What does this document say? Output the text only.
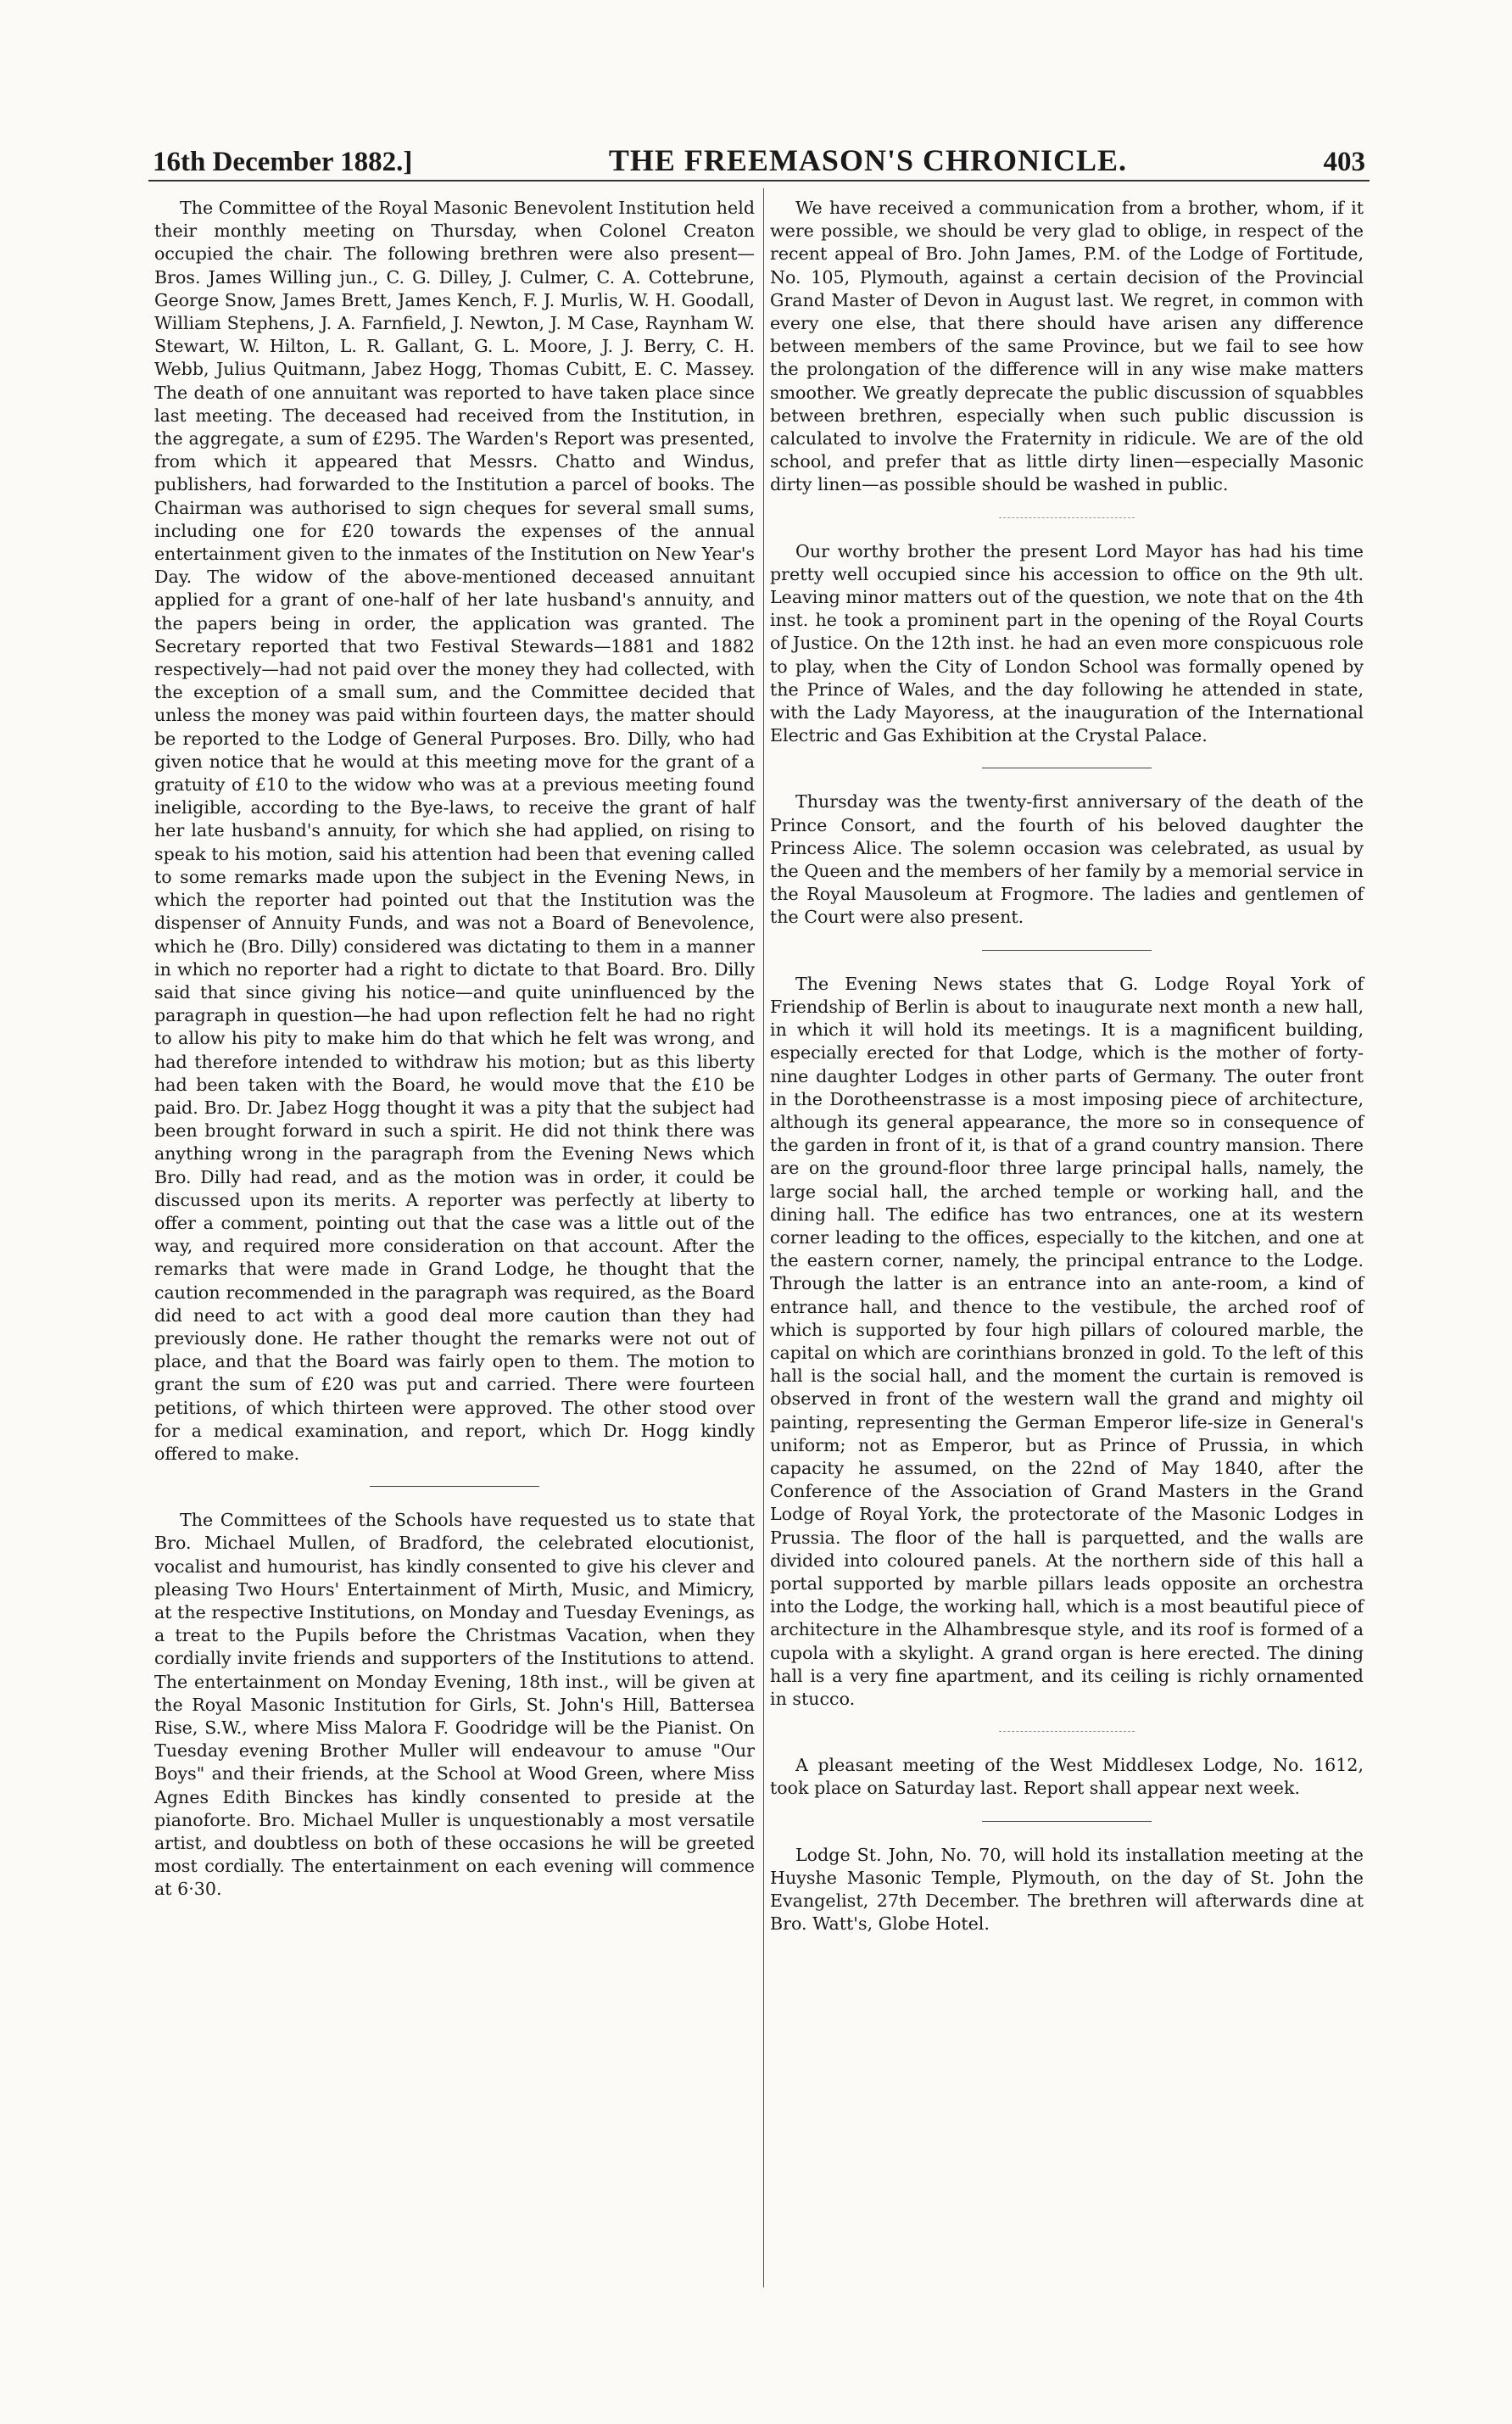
16th December 1882.]	THE FREEMASON'S CHRONICLE.	403

The Committee of the Royal Masonic Benevolent Institution held their monthly meeting on Thursday, when Colonel Creaton occupied the chair. The following brethren were also present—Bros. James Willing jun., C. G. Dilley, J. Culmer, C. A. Cottebrune, George Snow, James Brett, James Kench, F. J. Murlis, W. H. Goodall, William Stephens, J. A. Farnfield, J. Newton, J. M Case, Raynham W. Stewart, W. Hilton, L. R. Gallant, G. L. Moore, J. J. Berry, C. H. Webb, Julius Quitmann, Jabez Hogg, Thomas Cubitt, E. C. Massey. The death of one annuitant was reported to have taken place since last meeting. The deceased had received from the Institution, in the aggregate, a sum of £295. The Warden's Report was presented, from which it appeared that Messrs. Chatto and Windus, publishers, had forwarded to the Institution a parcel of books. The Chairman was authorised to sign cheques for several small sums, including one for £20 towards the expenses of the annual entertainment given to the inmates of the Institution on New Year's Day. The widow of the above-mentioned deceased annuitant applied for a grant of one-half of her late husband's annuity, and the papers being in order, the application was granted. The Secretary reported that two Festival Stewards—1881 and 1882 respectively—had not paid over the money they had collected, with the exception of a small sum, and the Committee decided that unless the money was paid within fourteen days, the matter should be reported to the Lodge of General Purposes. Bro. Dilly, who had given notice that he would at this meeting move for the grant of a gratuity of £10 to the widow who was at a previous meeting found ineligible, according to the Bye-laws, to receive the grant of half her late husband's annuity, for which she had applied, on rising to speak to his motion, said his attention had been that evening called to some remarks made upon the subject in the Evening News, in which the reporter had pointed out that the Institution was the dispenser of Annuity Funds, and was not a Board of Benevolence, which he (Bro. Dilly) considered was dictating to them in a manner in which no reporter had a right to dictate to that Board. Bro. Dilly said that since giving his notice—and quite uninfluenced by the paragraph in question—he had upon reflection felt he had no right to allow his pity to make him do that which he felt was wrong, and had therefore intended to withdraw his motion; but as this liberty had been taken with the Board, he would move that the £10 be paid. Bro. Dr. Jabez Hogg thought it was a pity that the subject had been brought forward in such a spirit. He did not think there was anything wrong in the paragraph from the Evening News which Bro. Dilly had read, and as the motion was in order, it could be discussed upon its merits. A reporter was perfectly at liberty to offer a comment, pointing out that the case was a little out of the way, and required more consideration on that account. After the remarks that were made in Grand Lodge, he thought that the caution recommended in the paragraph was required, as the Board did need to act with a good deal more caution than they had previously done. He rather thought the remarks were not out of place, and that the Board was fairly open to them. The motion to grant the sum of £20 was put and carried. There were fourteen petitions, of which thirteen were approved. The other stood over for a medical examination, and report, which Dr. Hogg kindly offered to make.

The Committees of the Schools have requested us to state that Bro. Michael Mullen, of Bradford, the celebrated elocutionist, vocalist and humourist, has kindly consented to give his clever and pleasing Two Hours' Entertainment of Mirth, Music, and Mimicry, at the respective Institutions, on Monday and Tuesday Evenings, as a treat to the Pupils before the Christmas Vacation, when they cordially invite friends and supporters of the Institutions to attend. The entertainment on Monday Evening, 18th inst., will be given at the Royal Masonic Institution for Girls, St. John's Hill, Battersea Rise, S.W., where Miss Malora F. Goodridge will be the Pianist. On Tuesday evening Brother Muller will endeavour to amuse "Our Boys" and their friends, at the School at Wood Green, where Miss Agnes Edith Binckes has kindly consented to preside at the pianoforte. Bro. Michael Muller is unquestionably a most versatile artist, and doubtless on both of these occasions he will be greeted most cordially. The entertainment on each evening will commence at 6·30.

We have received a communication from a brother, whom, if it were possible, we should be very glad to oblige, in respect of the recent appeal of Bro. John James, P.M. of the Lodge of Fortitude, No. 105, Plymouth, against a certain decision of the Provincial Grand Master of Devon in August last. We regret, in common with every one else, that there should have arisen any difference between members of the same Province, but we fail to see how the prolongation of the difference will in any wise make matters smoother. We greatly deprecate the public discussion of squabbles between brethren, especially when such public discussion is calculated to involve the Fraternity in ridicule. We are of the old school, and prefer that as little dirty linen—especially Masonic dirty linen—as possible should be washed in public.

Our worthy brother the present Lord Mayor has had his time pretty well occupied since his accession to office on the 9th ult. Leaving minor matters out of the question, we note that on the 4th inst. he took a prominent part in the opening of the Royal Courts of Justice. On the 12th inst. he had an even more conspicuous role to play, when the City of London School was formally opened by the Prince of Wales, and the day following he attended in state, with the Lady Mayoress, at the inauguration of the International Electric and Gas Exhibition at the Crystal Palace.

Thursday was the twenty-first anniversary of the death of the Prince Consort, and the fourth of his beloved daughter the Princess Alice. The solemn occasion was celebrated, as usual by the Queen and the members of her family by a memorial service in the Royal Mausoleum at Frogmore. The ladies and gentlemen of the Court were also present.

The Evening News states that G. Lodge Royal York of Friendship of Berlin is about to inaugurate next month a new hall, in which it will hold its meetings. It is a magnificent building, especially erected for that Lodge, which is the mother of forty-nine daughter Lodges in other parts of Germany. The outer front in the Dorotheenstrasse is a most imposing piece of architecture, although its general appearance, the more so in consequence of the garden in front of it, is that of a grand country mansion. There are on the ground-floor three large principal halls, namely, the large social hall, the arched temple or working hall, and the dining hall. The edifice has two entrances, one at its western corner leading to the offices, especially to the kitchen, and one at the eastern corner, namely, the principal entrance to the Lodge. Through the latter is an entrance into an ante-room, a kind of entrance hall, and thence to the vestibule, the arched roof of which is supported by four high pillars of coloured marble, the capital on which are corinthians bronzed in gold. To the left of this hall is the social hall, and the moment the curtain is removed is observed in front of the western wall the grand and mighty oil painting, representing the German Emperor life-size in General's uniform; not as Emperor, but as Prince of Prussia, in which capacity he assumed, on the 22nd of May 1840, after the Conference of the Association of Grand Masters in the Grand Lodge of Royal York, the protectorate of the Masonic Lodges in Prussia. The floor of the hall is parquetted, and the walls are divided into coloured panels. At the northern side of this hall a portal supported by marble pillars leads opposite an orchestra into the Lodge, the working hall, which is a most beautiful piece of architecture in the Alhambresque style, and its roof is formed of a cupola with a skylight. A grand organ is here erected. The dining hall is a very fine apartment, and its ceiling is richly ornamented in stucco.

A pleasant meeting of the West Middlesex Lodge, No. 1612, took place on Saturday last. Report shall appear next week.

Lodge St. John, No. 70, will hold its installation meeting at the Huyshe Masonic Temple, Plymouth, on the day of St. John the Evangelist, 27th December. The brethren will afterwards dine at Bro. Watt's, Globe Hotel.
